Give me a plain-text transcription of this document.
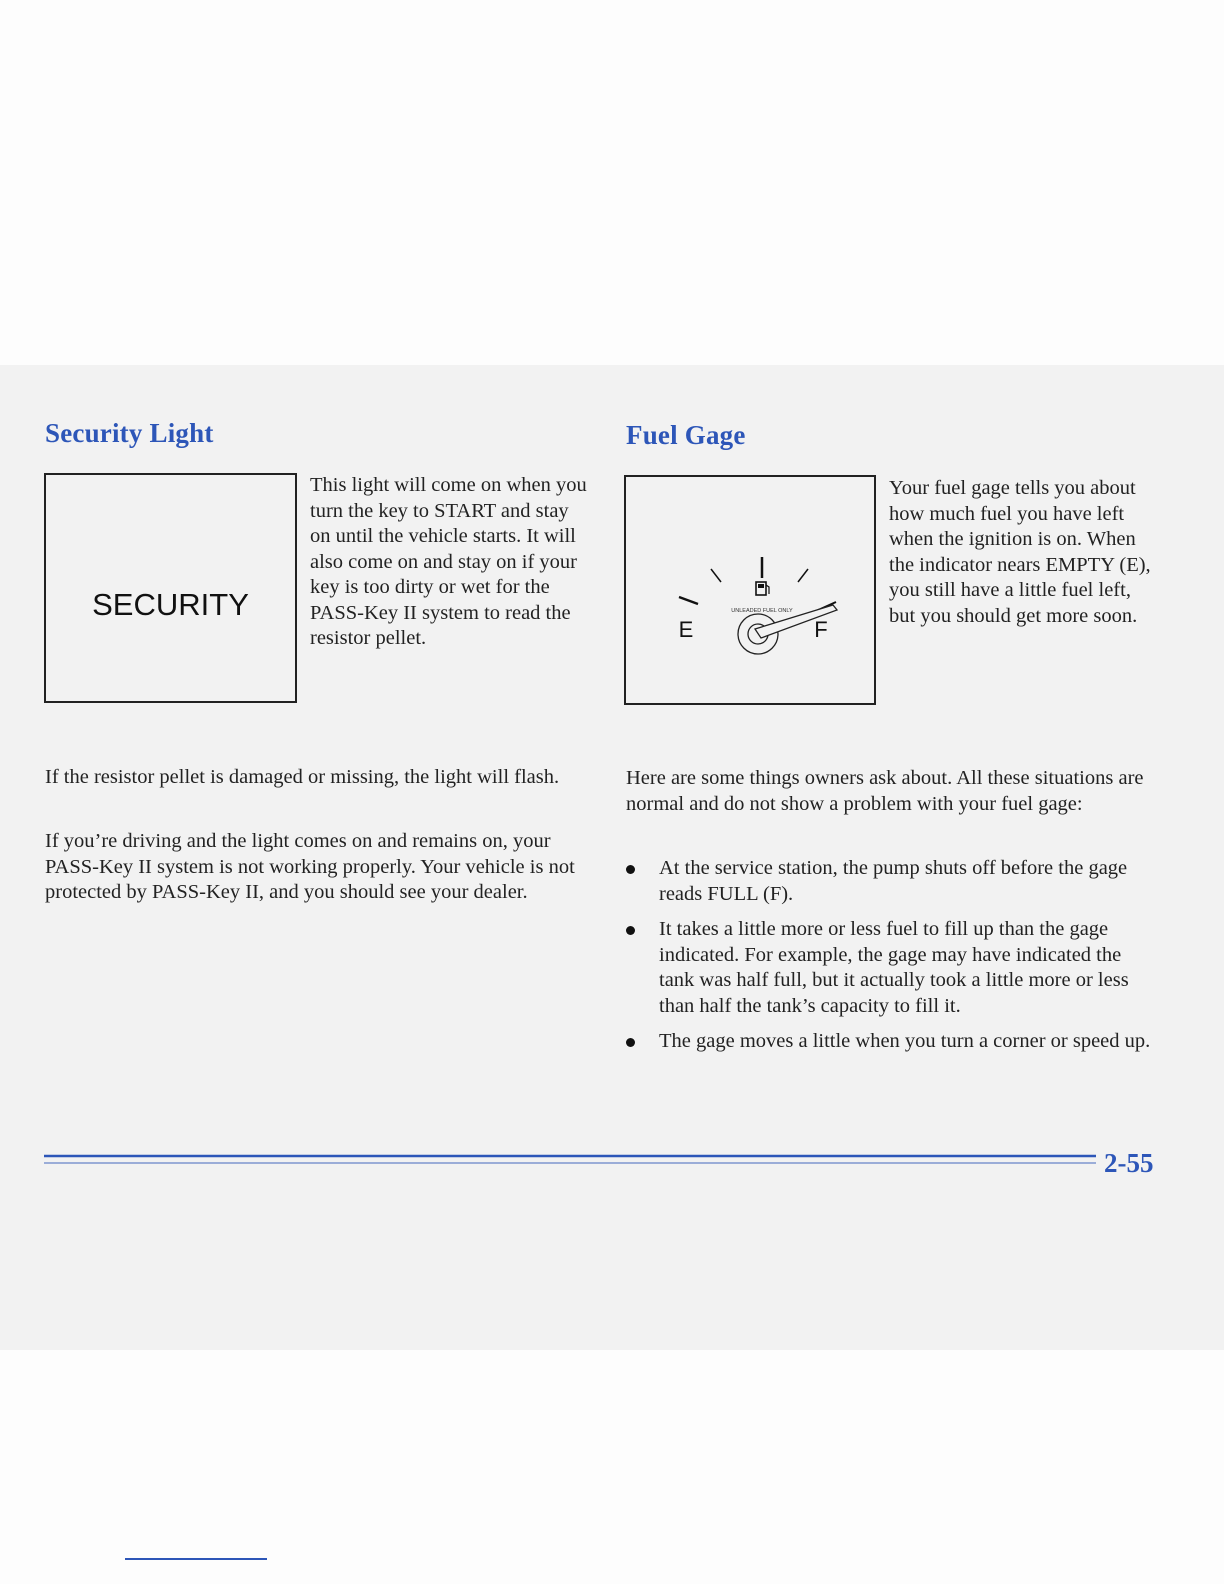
Security Light
SECURITY

This light will come on when you turn the key to START and stay on until the vehicle starts. It will also come on and stay on if your key is too dirty or wet for the PASS-Key II system to read the resistor pellet.

If the resistor pellet is damaged or missing, the light will flash.

If you’re driving and the light comes on and remains on, your PASS-Key II system is not working properly. Your vehicle is not protected by PASS-Key II, and you should see your dealer.

Fuel Gage
UNLEADED FUEL ONLY
E	F

Your fuel gage tells you about how much fuel you have left when the ignition is on. When the indicator nears EMPTY (E), you still have a little fuel left, but you should get more soon.

Here are some things owners ask about. All these situations are normal and do not show a problem with your fuel gage:

At the service station, the pump shuts off before the gage reads FULL (F).
It takes a little more or less fuel to fill up than the gage indicated. For example, the gage may have indicated the tank was half full, but it actually took a little more or less than half the tank’s capacity to fill it.
The gage moves a little when you turn a corner or speed up.

2-55
